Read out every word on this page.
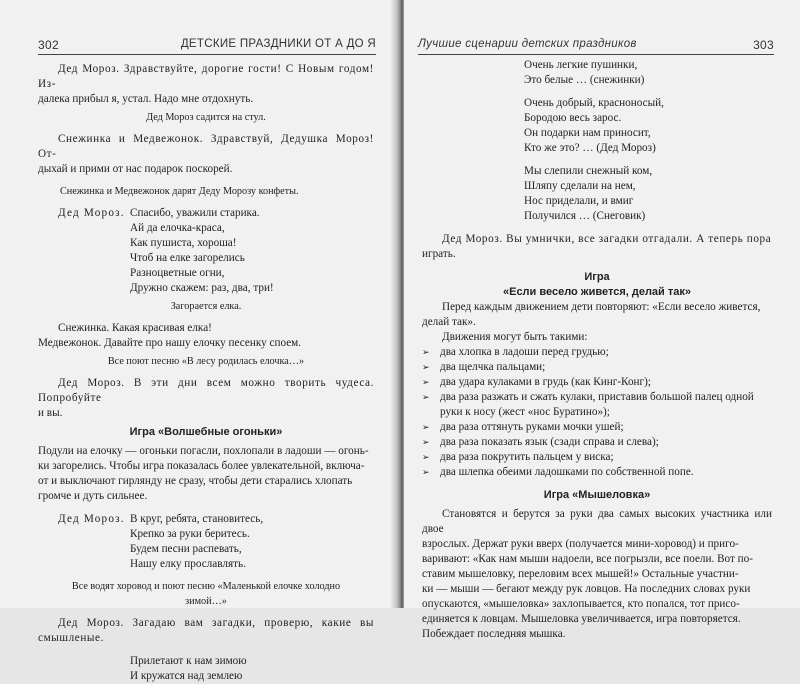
302	ДЕТСКИЕ ПРАЗДНИКИ ОТ А ДО Я

Дед Мороз. Здравствуйте, дорогие гости! С Новым годом! Из-

далека прибыл я, устал. Надо мне отдохнуть.

Дед Мороз садится на стул.

Снежинка и Медвежонок. Здравствуй, Дедушка Мороз! От-

дыхай и прими от нас подарок поскорей.

Снежинка и Медвежонок дарят Деду Морозу конфеты.

Дед Мороз. Спасибо, уважили старика.

Ай да елочка-краса,

Как пушиста, хороша!

Чтоб на елке загорелись

Разноцветные огни,

Дружно скажем: раз, два, три!

Загорается елка.

Снежинка. Какая красивая елка!

Медвежонок. Давайте про нашу елочку песенку споем.

Все поют песню «В лесу родилась елочка…»

Дед Мороз. В эти дни всем можно творить чудеса. Попробуйте

и вы.

Игра «Волшебные огоньки»

Подули на елочку — огоньки погасли, похлопали в ладоши — огонь-

ки загорелись. Чтобы игра показалась более увлекательной, включа-

от и выключают гирлянду не сразу, чтобы дети старались хлопать

громче и дуть сильнее.

Дед Мороз. В круг, ребята, становитесь,

Крепко за руки беритесь.

Будем песни распевать,

Нашу елку прославлять.

Все водят хоровод и поют песню «Маленькой елочке холодно

зимой…»

Дед Мороз. Загадаю вам загадки, проверю, какие вы смышленые.

Прилетают к нам зимою

И кружатся над землею

Лучшие сценарии детских праздников	303

Очень легкие пушинки,

Это белые … (снежинки)

Очень добрый, красноносый,

Бородою весь зарос.

Он подарки нам приносит,

Кто же это? … (Дед Мороз)

Мы слепили снежный ком,

Шляпу сделали на нем,

Нос приделали, и вмиг

Получился … (Снеговик)

Дед Мороз. Вы умнички, все загадки отгадали. А теперь пора

играть.

Игра

«Если весело живется, делай так»

Перед каждым движением дети повторяют: «Если весело живется,

делай так».

Движения могут быть такими:

➢ два хлопка в ладоши перед грудью;
➢ два щелчка пальцами;
➢ два удара кулаками в грудь (как Кинг-Конг);
➢ два раза разжать и сжать кулаки, приставив большой палец одной

руки к носу (жест «нос Буратино»);

➢ два раза оттянуть руками мочки ушей;
➢ два раза показать язык (сзади справа и слева);
➢ два раза покрутить пальцем у виска;
➢ два шлепка обеими ладошками по собственной попе.

Игра «Мышеловка»

Становятся и берутся за руки два самых высоких участника или двое

взрослых. Держат руки вверх (получается мини-хоровод) и приго-

варивают: «Как нам мыши надоели, все погрызли, все поели. Вот по-

ставим мышеловку, переловим всех мышей!» Остальные участни-

ки — мыши — бегают между рук ловцов. На последних словах руки

опускаются, «мышеловка» захлопывается, кто попался, тот присо-

единяется к ловцам. Мышеловка увеличивается, игра повторяется.

Побеждает последняя мышка.
